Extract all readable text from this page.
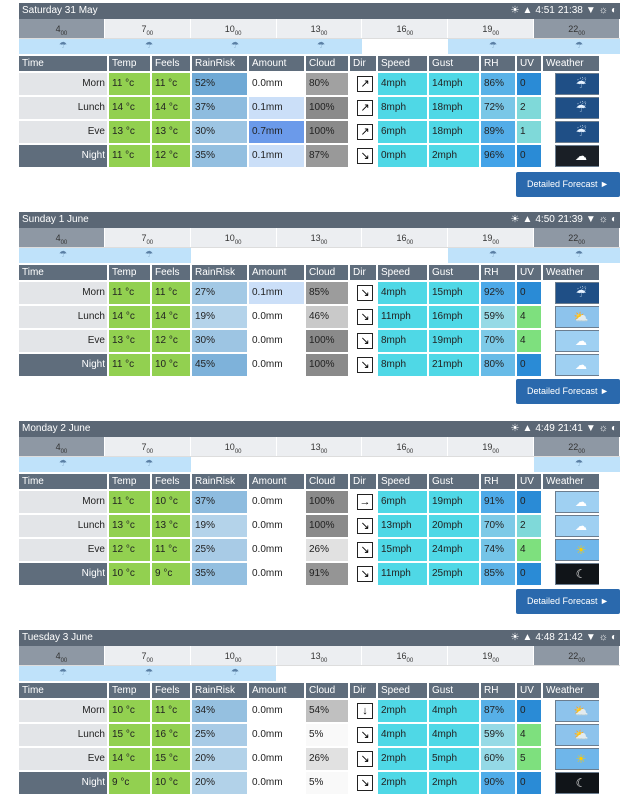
Saturday 31 May	☀ ▲ 4:51 21:38 ▼ ☼ ◐
$4_{00}$	$7_{00}$	$10_{00}$	$13_{00}$	$16_{00}$	$19_{00}$	$22_{00}$
☂	☂	☂	☂	☂	☂
Time	Temp	Feels	RainRisk	Amount	Cloud	Dir	Speed	Gust	RH	UV	Weather
Morn 11 °c	11 °c	52%	0.0mm	80%	↗	4mph	14mph	86%	0	☔
Lunch 14 °c	14 °c	37%	0.1mm	100%	↗	8mph	18mph	72%	2	☔
Eve 13 °c	13 °c	30%	0.7mm	100%	↗	6mph	18mph	89%	1	☔
Night 11 °c	12 °c	35%	0.1mm	87%	↘	0mph	2mph	96%	0	☁
Detailed Forecast ►
Sunday 1 June	☀ ▲ 4:50 21:39 ▼ ☼ ◐
$4_{00}$	$7_{00}$	$10_{00}$	$13_{00}$	$16_{00}$	$19_{00}$	$22_{00}$
☂	☂	☂	☂
Time	Temp	Feels	RainRisk	Amount	Cloud	Dir	Speed	Gust	RH	UV	Weather
Morn 11 °c	11 °c	27%	0.1mm	85%	↘	4mph	15mph	92%	0	☔
Lunch 14 °c	14 °c	19%	0.0mm	46%	↘	11mph	16mph	59%	4	⛅
Eve 13 °c	12 °c	30%	0.0mm	100%	↘	8mph	19mph	70%	4	☁
Night 11 °c	10 °c	45%	0.0mm	100%	↘	8mph	21mph	80%	0	☁
Detailed Forecast ►
Monday 2 June	☀ ▲ 4:49 21:41 ▼ ☼ ◐
$4_{00}$	$7_{00}$	$10_{00}$	$13_{00}$	$16_{00}$	$19_{00}$	$22_{00}$
☂	☂	☂
Time	Temp	Feels	RainRisk	Amount	Cloud	Dir	Speed	Gust	RH	UV	Weather
Morn 11 °c	10 °c	37%	0.0mm	100%	→	6mph	19mph	91%	0	☁
Lunch 13 °c	13 °c	19%	0.0mm	100%	↘	13mph	20mph	70%	2	☁
Eve 12 °c	11 °c	25%	0.0mm	26%	↘	15mph	24mph	74%	4	☀
Night 10 °c	9 °c	35%	0.0mm	91%	↘	11mph	25mph	85%	0	☾
Detailed Forecast ►
Tuesday 3 June	☀ ▲ 4:48 21:42 ▼ ☼ ◐
$4_{00}$	$7_{00}$	$10_{00}$	$13_{00}$	$16_{00}$	$19_{00}$	$22_{00}$
☂	☂	☂
Time	Temp	Feels	RainRisk	Amount	Cloud	Dir	Speed	Gust	RH	UV	Weather
Morn 10 °c	11 °c	34%	0.0mm	54%	↓	2mph	4mph	87%	0	⛅
Lunch 15 °c	16 °c	25%	0.0mm	5%	↘	4mph	4mph	59%	4	⛅
Eve 14 °c	15 °c	20%	0.0mm	26%	↘	2mph	5mph	60%	5	☀
Night 9 °c	10 °c	20%	0.0mm	5%	↘	2mph	2mph	90%	0	☾
